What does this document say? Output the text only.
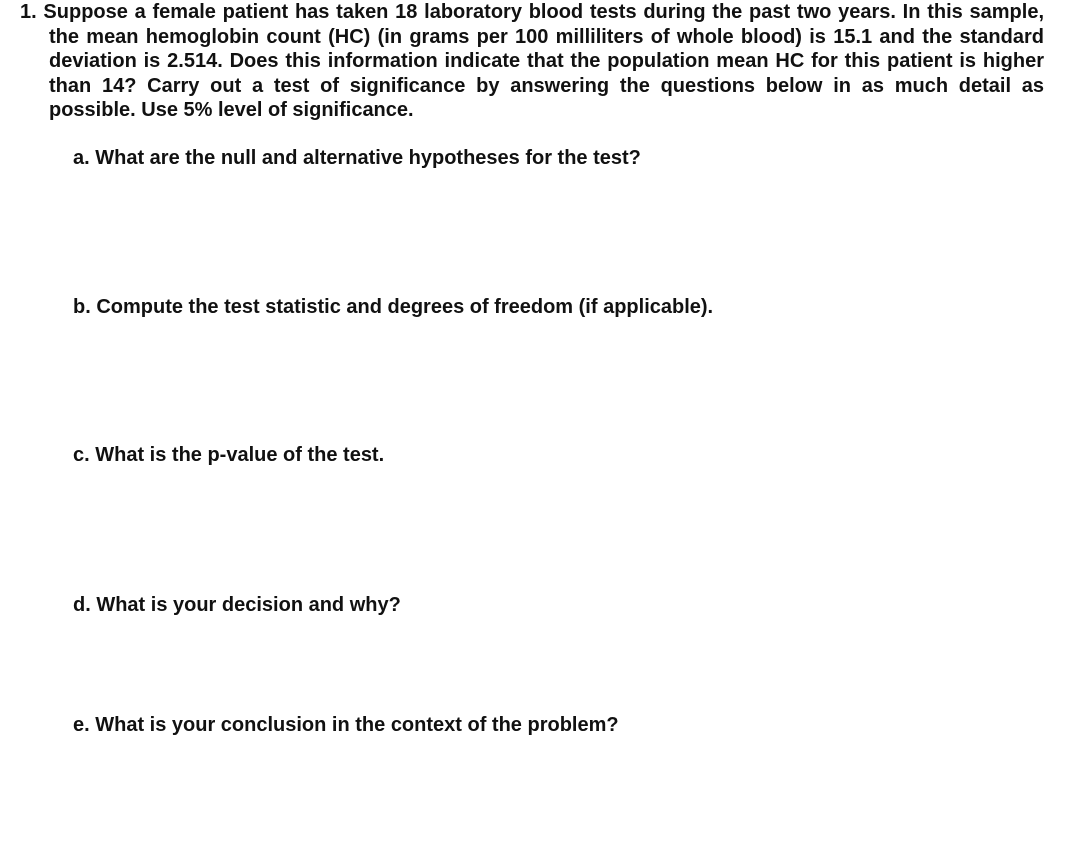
1. Suppose a female patient has taken 18 laboratory blood tests during the past two years. In this sample, the mean hemoglobin count (HC) (in grams per 100 milliliters of whole blood) is 15.1 and the standard deviation is 2.514. Does this information indicate that the population mean HC for this patient is higher than 14? Carry out a test of significance by answering the questions below in as much detail as possible. Use 5% level of significance.
a. What are the null and alternative hypotheses for the test?
b. Compute the test statistic and degrees of freedom (if applicable).
c. What is the p-value of the test.
d. What is your decision and why?
e. What is your conclusion in the context of the problem?
